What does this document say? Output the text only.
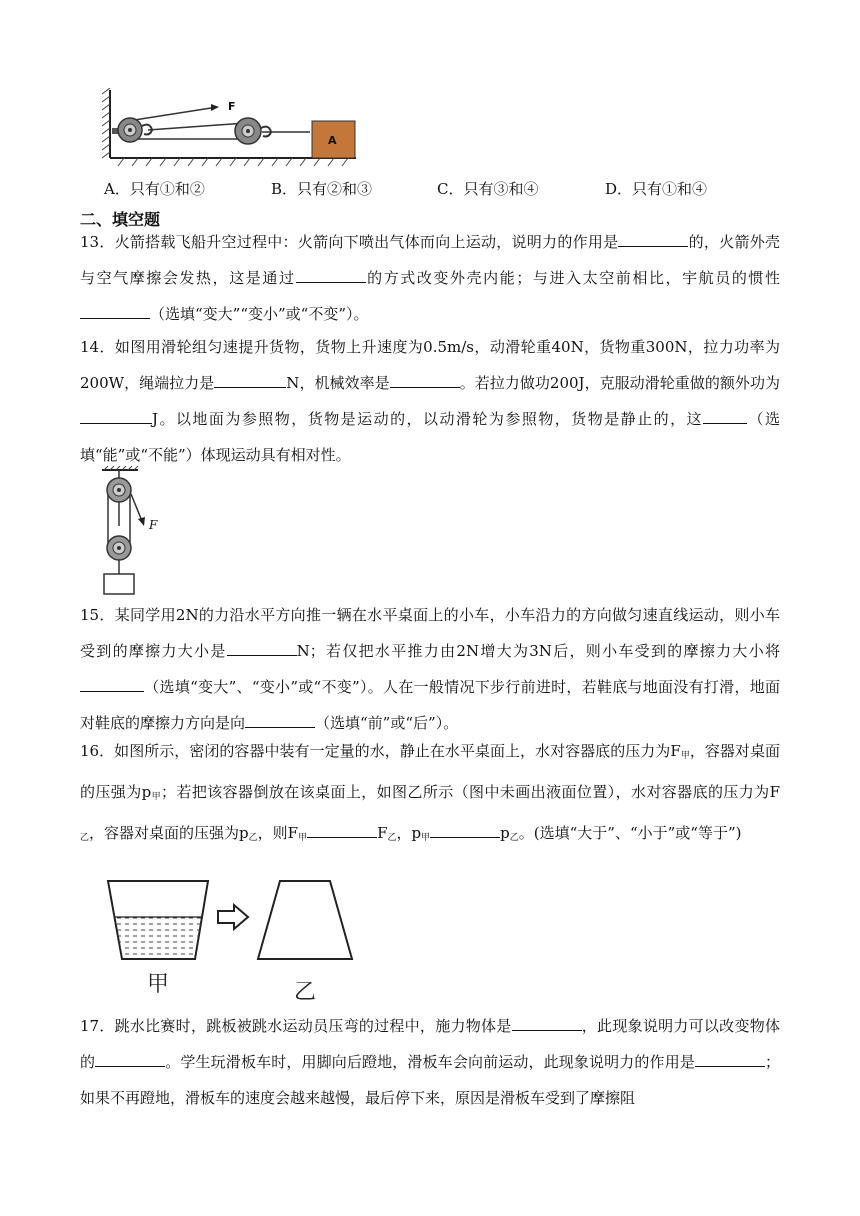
F
A
A．只有①和②	B．只有②和③	C．只有③和④	D．只有①和④
二、填空题

13．火箭搭载飞船升空过程中：火箭向下喷出气体而向上运动，说明力的作用是	的，火箭外壳与空气摩擦会发热，这是通过	的方式改变外壳内能；与进入太空前相比，宇航员的惯性（选填“变大”“变小”或“不变”）。

14．如图用滑轮组匀速提升货物，货物上升速度为0.5m/s，动滑轮重40N，货物重300N，拉力功率为200W，绳端拉力是	N，机械效率是	。若拉力做功200J，克服动滑轮重做的额外功为J。以地面为参照物，货物是运动的，以动滑轮为参照物，货物是静止的，这	（选填“能”或“不能”）体现运动具有相对性。

F

15．某同学用2N的力沿水平方向推一辆在水平桌面上的小车，小车沿力的方向做匀速直线运动，则小车受到的摩擦力大小是	N；若仅把水平推力由2N增大为3N后，则小车受到的摩擦力大小将（选填“变大”、“变小”或“不变”）。人在一般情况下步行前进时，若鞋底与地面没有打滑，地面对鞋底的摩擦力方向是向	（选填“前”或“后”）。

16．如图所示，密闭的容器中装有一定量的水，静止在水平桌面上，水对容器底的压力为$F_甲$，容器对桌面的压强为$p_甲$；若把该容器倒放在该桌面上，如图乙所示（图中未画出液面位置），水对容器底的压力为$F_乙$，容器对桌面的压强为$p_乙$，则$F_甲$	$F_乙$，$p_甲$	$p_乙$。(选填“大于”、“小于”或“等于”)

甲	乙

17．跳水比赛时，跳板被跳水运动员压弯的过程中，施力物体是	，此现象说明力可以改变物体的	。学生玩滑板车时，用脚向后蹬地，滑板车会向前运动，此现象说明力的作用是	；如果不再蹬地，滑板车的速度会越来越慢，最后停下来，原因是滑板车受到了摩擦阻
